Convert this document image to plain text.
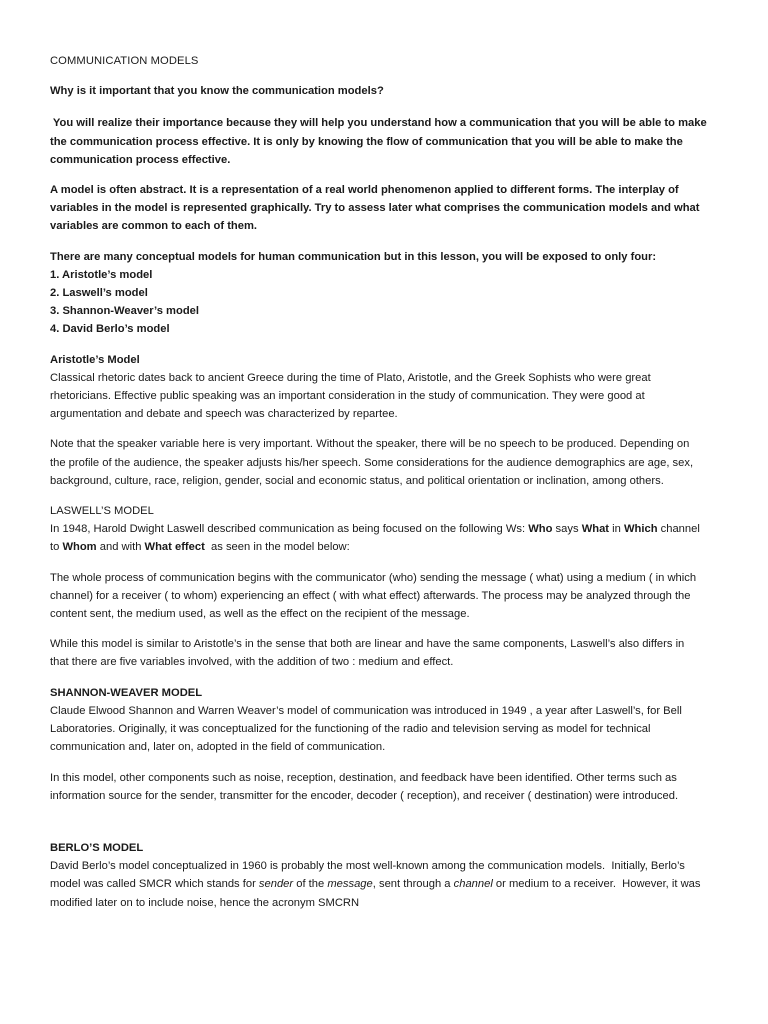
COMMUNICATION MODELS

Why is it important that you know the communication models?

You will realize their importance because they will help you understand how a communication that you will be able to make

the communication process effective. It is only by knowing the flow of communication that you will be able to make the

communication process effective.

A model is often abstract. It is a representation of a real world phenomenon applied to different forms. The interplay of

variables in the model is represented graphically. Try to assess later what comprises the communication models and what

variables are common to each of them.

There are many conceptual models for human communication but in this lesson, you will be exposed to only four:

1. Aristotle’s model

2. Laswell’s model

3. Shannon-Weaver’s model

4. David Berlo’s model

Aristotle’s Model

Classical rhetoric dates back to ancient Greece during the time of Plato, Aristotle, and the Greek Sophists who were great

rhetoricians. Effective public speaking was an important consideration in the study of communication. They were good at

argumentation and debate and speech was characterized by repartee.

Note that the speaker variable here is very important. Without the speaker, there will be no speech to be produced. Depending on

the profile of the audience, the speaker adjusts his/her speech. Some considerations for the audience demographics are age, sex,

background, culture, race, religion, gender, social and economic status, and political orientation or inclination, among others.

LASWELL’S MODEL

In 1948, Harold Dwight Laswell described communication as being focused on the following Ws: Who says What in Which channel

to Whom and with What effect  as seen in the model below:

The whole process of communication begins with the communicator (who) sending the message ( what) using a medium ( in which

channel) for a receiver ( to whom) experiencing an effect ( with what effect) afterwards. The process may be analyzed through the

content sent, the medium used, as well as the effect on the recipient of the message.

While this model is similar to Aristotle’s in the sense that both are linear and have the same components, Laswell’s also differs in

that there are five variables involved, with the addition of two : medium and effect.

SHANNON-WEAVER MODEL

Claude Elwood Shannon and Warren Weaver’s model of communication was introduced in 1949 , a year after Laswell’s, for Bell

Laboratories. Originally, it was conceptualized for the functioning of the radio and television serving as model for technical

communication and, later on, adopted in the field of communication.

In this model, other components such as noise, reception, destination, and feedback have been identified. Other terms such as

information source for the sender, transmitter for the encoder, decoder ( reception), and receiver ( destination) were introduced.

BERLO’S MODEL

David Berlo’s model conceptualized in 1960 is probably the most well-known among the communication models.  Initially, Berlo’s

model was called SMCR which stands for sender of the message, sent through a channel or medium to a receiver.  However, it was

modified later on to include noise, hence the acronym SMCRN
